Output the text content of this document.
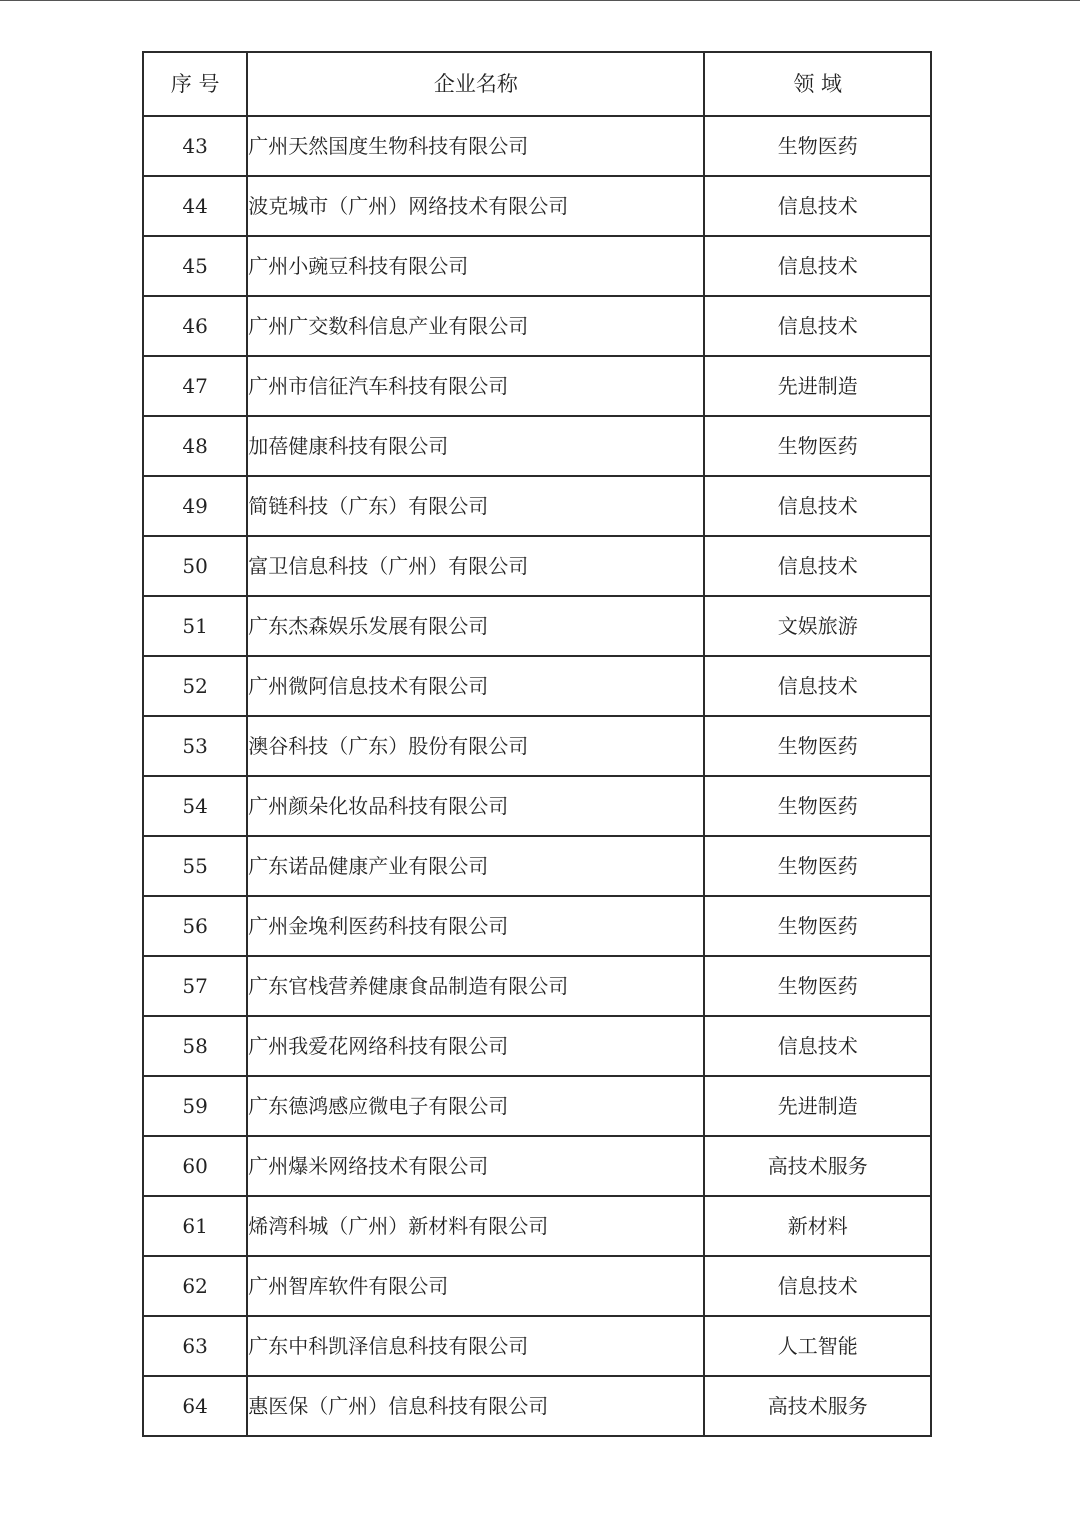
序 号	企业名称	领 域
43	广州天然国度生物科技有限公司	生物医药
44	波克城市（广州）网络技术有限公司	信息技术
45	广州小豌豆科技有限公司	信息技术
46	广州广交数科信息产业有限公司	信息技术
47	广州市信征汽车科技有限公司	先进制造
48	加蓓健康科技有限公司	生物医药
49	简链科技（广东）有限公司	信息技术
50	富卫信息科技（广州）有限公司	信息技术
51	广东杰森娱乐发展有限公司	文娱旅游
52	广州微阿信息技术有限公司	信息技术
53	澳谷科技（广东）股份有限公司	生物医药
54	广州颜朵化妆品科技有限公司	生物医药
55	广东诺品健康产业有限公司	生物医药
56	广州金堍利医药科技有限公司	生物医药
57	广东官栈营养健康食品制造有限公司	生物医药
58	广州我爱花网络科技有限公司	信息技术
59	广东德鸿感应微电子有限公司	先进制造
60	广州爆米网络技术有限公司	高技术服务
61	烯湾科城（广州）新材料有限公司	新材料
62	广州智库软件有限公司	信息技术
63	广东中科凯泽信息科技有限公司	人工智能
64	惠医保（广州）信息科技有限公司	高技术服务
